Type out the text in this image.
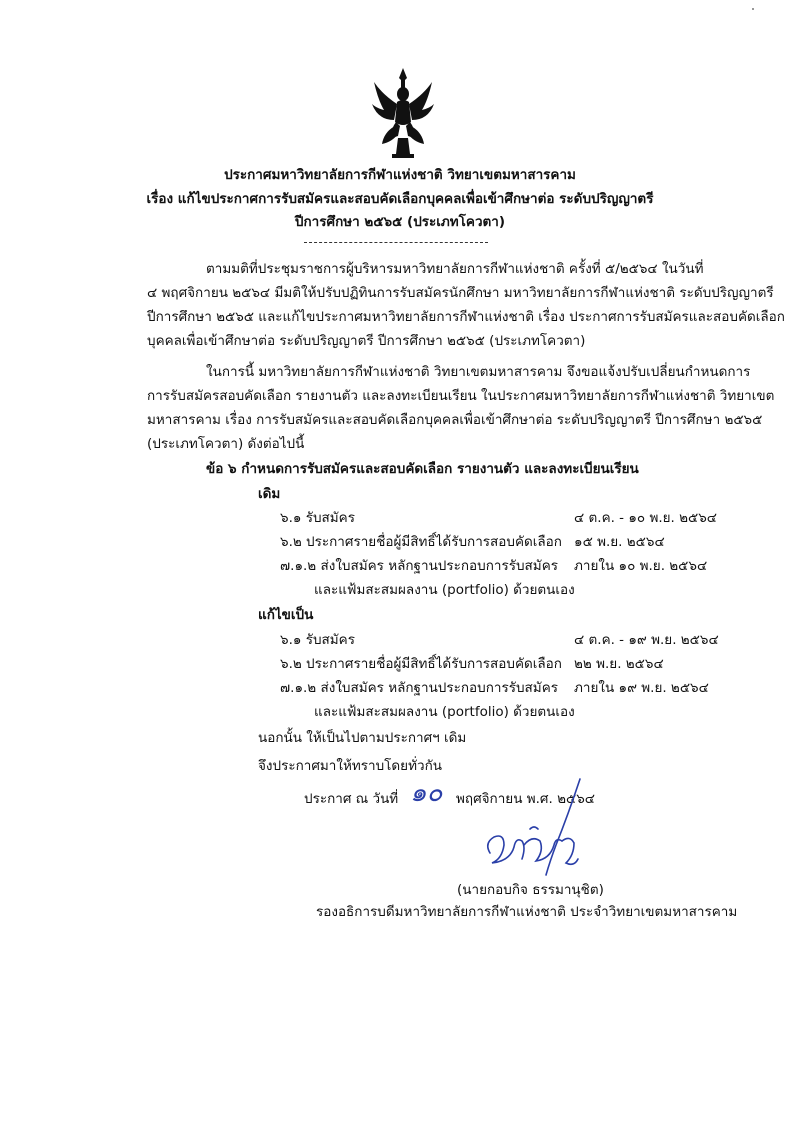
ประกาศมหาวิทยาลัยการกีฬาแห่งชาติ วิทยาเขตมหาสารคาม
เรื่อง แก้ไขประกาศการรับสมัครและสอบคัดเลือกบุคคลเพื่อเข้าศึกษาต่อ ระดับปริญญาตรี
ปีการศึกษา ๒๕๖๕ (ประเภทโควตา)
ตามมติที่ประชุมราชการผู้บริหารมหาวิทยาลัยการกีฬาแห่งชาติ ครั้งที่ ๕/๒๕๖๔ ในวันที่
๔ พฤศจิกายน ๒๕๖๔ มีมติให้ปรับปฏิทินการรับสมัครนักศึกษา มหาวิทยาลัยการกีฬาแห่งชาติ ระดับปริญญาตรี
ปีการศึกษา ๒๕๖๕ และแก้ไขประกาศมหาวิทยาลัยการกีฬาแห่งชาติ เรื่อง ประกาศการรับสมัครและสอบคัดเลือก
บุคคลเพื่อเข้าศึกษาต่อ ระดับปริญญาตรี ปีการศึกษา ๒๕๖๕ (ประเภทโควตา)
ในการนี้ มหาวิทยาลัยการกีฬาแห่งชาติ วิทยาเขตมหาสารคาม จึงขอแจ้งปรับเปลี่ยนกำหนดการ
การรับสมัครสอบคัดเลือก รายงานตัว และลงทะเบียนเรียน ในประกาศมหาวิทยาลัยการกีฬาแห่งชาติ วิทยาเขต
มหาสารคาม เรื่อง การรับสมัครและสอบคัดเลือกบุคคลเพื่อเข้าศึกษาต่อ ระดับปริญญาตรี ปีการศึกษา ๒๕๖๕
(ประเภทโควตา) ดังต่อไปนี้
ข้อ ๖ กำหนดการรับสมัครและสอบคัดเลือก รายงานตัว และลงทะเบียนเรียน
เดิม
๖.๑ รับสมัคร	๔ ต.ค. - ๑๐ พ.ย. ๒๕๖๔
๖.๒ ประกาศรายชื่อผู้มีสิทธิ์ได้รับการสอบคัดเลือก ๑๕ พ.ย. ๒๕๖๔
๗.๑.๒ ส่งใบสมัคร หลักฐานประกอบการรับสมัคร ภายใน ๑๐ พ.ย. ๒๕๖๔
และแฟ้มสะสมผลงาน (portfolio) ด้วยตนเอง
แก้ไขเป็น
๖.๑ รับสมัคร	๔ ต.ค. - ๑๙ พ.ย. ๒๕๖๔
๖.๒ ประกาศรายชื่อผู้มีสิทธิ์ได้รับการสอบคัดเลือก ๒๒ พ.ย. ๒๕๖๔
๗.๑.๒ ส่งใบสมัคร หลักฐานประกอบการรับสมัคร ภายใน ๑๙ พ.ย. ๒๕๖๔
และแฟ้มสะสมผลงาน (portfolio) ด้วยตนเอง
นอกนั้น ให้เป็นไปตามประกาศฯ เดิม
จึงประกาศมาให้ทราบโดยทั่วกัน
ประกาศ ณ วันที่ ๑๐ พฤศจิกายน พ.ศ. ๒๕๖๔
(นายกอบกิจ ธรรมานุชิต)
รองอธิการบดีมหาวิทยาลัยการกีฬาแห่งชาติ ประจำวิทยาเขตมหาสารคาม
